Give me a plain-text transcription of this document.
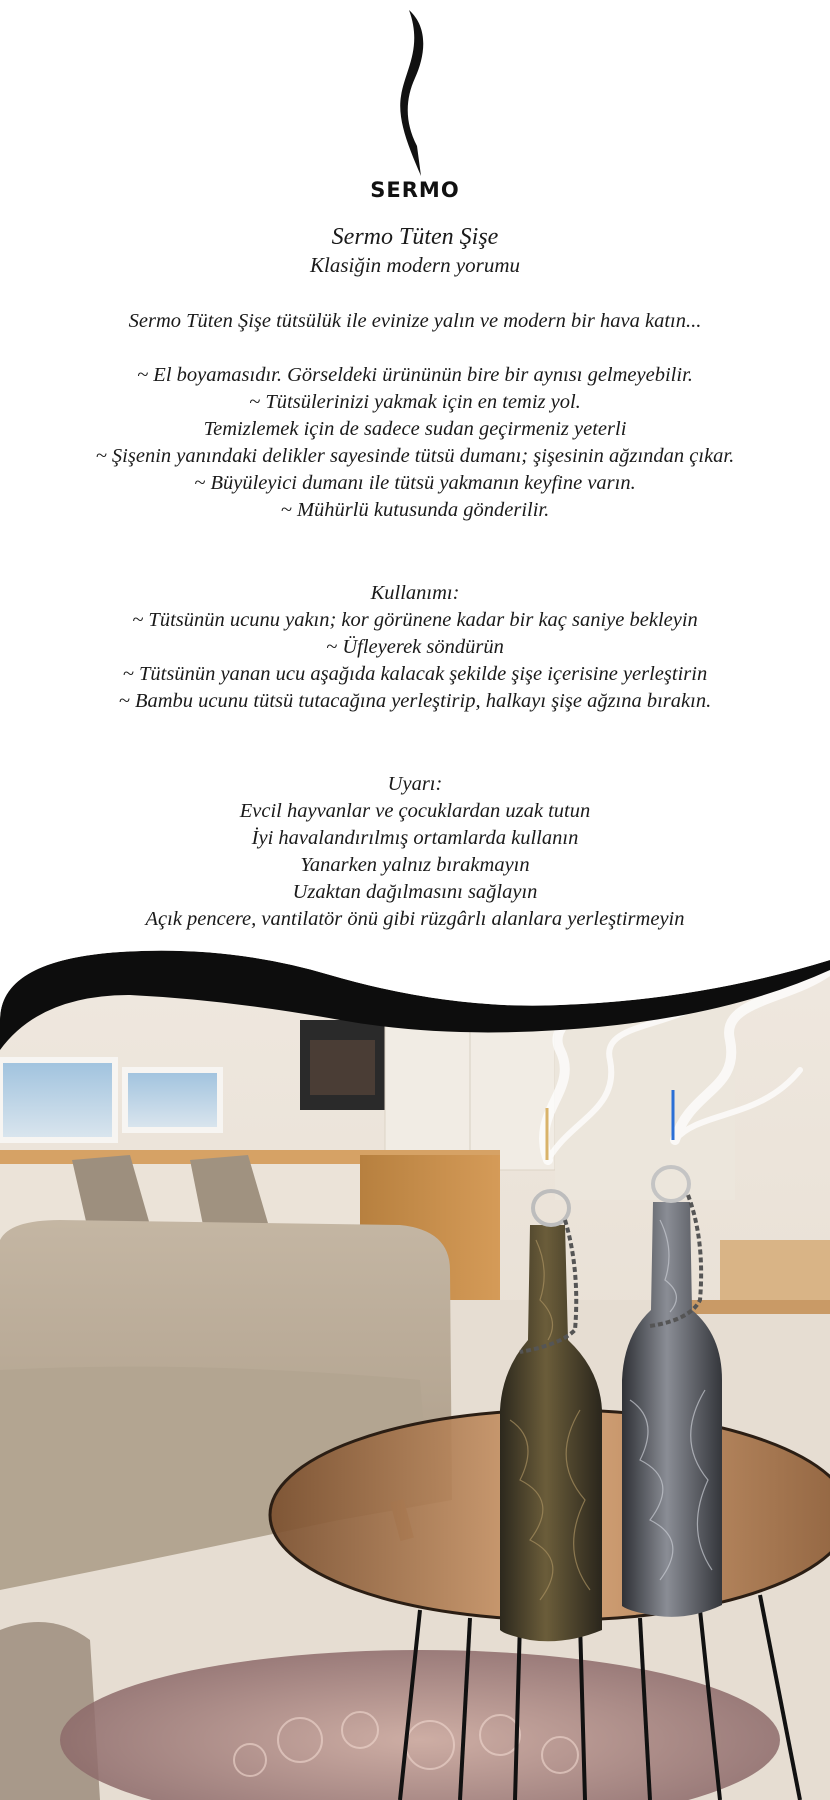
SERMO
Sermo Tüten Şişe
Klasiğin modern yorumu
Sermo Tüten Şişe tütsülük ile evinize yalın ve modern bir hava katın...
~ El boyamasıdır. Görseldeki ürününün bire bir aynısı gelmeyebilir.
~ Tütsülerinizi yakmak için en temiz yol.
Temizlemek için de sadece sudan geçirmeniz yeterli
~ Şişenin yanındaki delikler sayesinde tütsü dumanı; şişesinin ağzından çıkar.
~ Büyüleyici dumanı ile tütsü yakmanın keyfine varın.
~ Mühürlü kutusunda gönderilir.
Kullanımı:
~ Tütsünün ucunu yakın; kor görünene kadar bir kaç saniye bekleyin
~ Üfleyerek söndürün
~ Tütsünün yanan ucu aşağıda kalacak şekilde şişe içerisine yerleştirin
~ Bambu ucunu tütsü tutacağına yerleştirip, halkayı şişe ağzına bırakın.
Uyarı:
Evcil hayvanlar ve çocuklardan uzak tutun
İyi havalandırılmış ortamlarda kullanın
Yanarken yalnız bırakmayın
Uzaktan dağılmasını sağlayın
Açık pencere, vantilatör önü gibi rüzgârlı alanlara yerleştirmeyin
